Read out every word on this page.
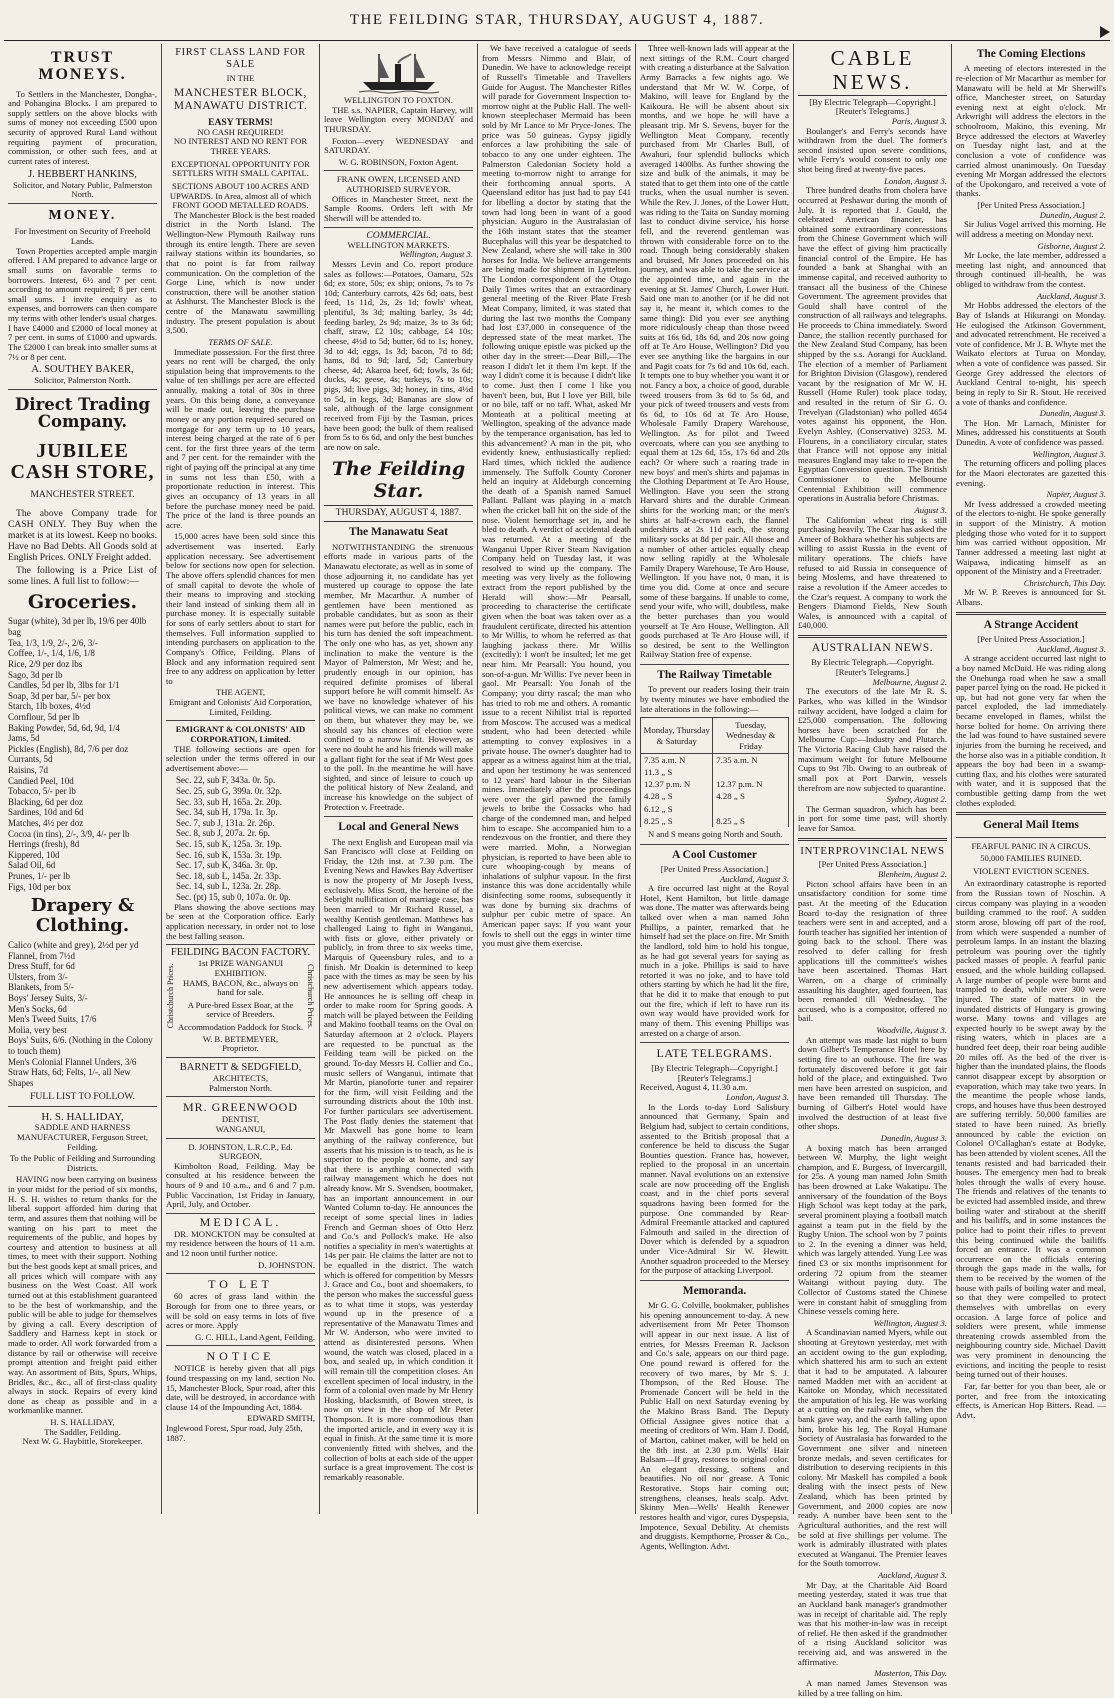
THE FEILDING STAR, THURSDAY, AUGUST 4, 1887.
TRUST MONEYS.

To Settlers in the Manchester, Dongha-, and Pohangina Blocks. I am prepared to supply settlers on the above blocks with sums of money not exceeding £500 upon security of approved Rural Land without requiring payment of procuration, commission, or other such fees, and at current rates of interest.

J. HEBBERT HANKINS,
Solicitor, and Notary Public, Palmerston North.
MONEY.
For Investment on Security of Freehold Lands.

Town Properties accepted ample margin offered. I AM prepared to advance large or small sums on favorable terms to borrowers. Interest, 6½ and 7 per cent. according to amount required; 8 per cent. small sums. I invite enquiry as to expenses, and borrowers can then compare my terms with other lender's usual charges. I have £4000 and £2000 of local money at 7 per cent. in sums of £1000 and upwards. The £2000 I can break into smaller sums at 7½ or 8 per cent.

A. SOUTHEY BAKER,
Solicitor, Palmerston North.
Direct Trading Company.
JUBILEE CASH STORE,
MANCHESTER STREET.

The above Company trade for CASH ONLY. They Buy when the market is at its lowest. Keep no books. Have no Bad Debts. All Goods sold at English Prices. ONLY Freight added.

The following is a Price List of some lines. A full list to follow:—

Groceries.
Sugar (white), 3d per lb, 19/6 per 40lb bag
Tea, 1/3, 1/9, 2/-, 2/6, 3/-
Coffee, 1/-, 1/4, 1/6, 1/8
Rice, 2/9 per doz lbs
Sago, 3d per lb
Candles, 5d per lb, 3lbs for 1/1
Soap, 3d per bar, 5/- per box
Starch, 1lb boxes, 4½d
Cornflour, 5d per lb
Baking Powder, 5d, 6d, 9d, 1/4
Jams, 5d
Pickles (English), 8d, 7/6 per doz
Currants, 5d
Raisins, 7d
Candied Peel, 10d
Tobacco, 5/- per lb
Blacking, 6d per doz
Sardines, 10d and 6d
Matches, 4½ per doz
Cocoa (in tins), 2/-, 3/9, 4/- per lb
Herrings (fresh), 8d
Kippered, 10d
Salad Oil, 6d
Prunes, 1/- per lb
Figs, 10d per box
Drapery & Clothing.
Calico (white and grey), 2½d per yd
Flannel, from 7½d
Dress Stuff, for 6d
Ulsters, from 3/-
Blankets, from 5/-
Boys' Jersey Suits, 3/-
Men's Socks, 6d
Men's Tweed Suits, 17/6
Molia, very best
Boys' Suits, 6/6. (Nothing in the Colony to touch them)
Men's Colonial Flannel Unders, 3/6
Straw Hats, 6d; Felts, 1/-, all New Shapes
FULL LIST TO FOLLOW.
H. S. HALLIDAY,
SADDLE AND HARNESS MANUFACTURER, Ferguson Street, Feilding.
To the Public of Feilding and Surrounding Districts.

HAVING now been carrying on business in your midst for the period of six months, H. S. H. wishes to return thanks for the liberal support afforded him during that term, and assures them that nothing will be wanting on his part to meet the requirements of the public, and hopes by courtesy and attention to business at all times, to meet with their support. Nothing but the best goods kept at small prices, and all prices which will compare with any business on the West Coast. All work turned out at this establishment guaranteed to be the best of workmanship, and the public will be able to judge for themselves by giving a call. Every description of Saddlery and Harness kept in stock or made to order. All work forwarded from a distance by rail or otherwise will receive prompt attention and freight paid either way. An assortment of Bits, Spurs, Whips, Bridles, &c., &c., all of first-class quality always in stock. Repairs of every kind done as cheap as possible and in a workmanlike manner.

H. S. HALLIDAY,
The Saddler, Feilding.
Next W. G. Haybittle, Storekeeper.
FIRST CLASS LAND FOR SALE
IN THE
MANCHESTER BLOCK, MANAWATU DISTRICT.
EASY TERMS!
NO CASH REQUIRED!
NO INTEREST AND NO RENT FOR THREE YEARS.
EXCEPTIONAL OPPORTUNITY FOR SETTLERS WITH SMALL CAPITAL.
SECTIONS ABOUT 100 ACRES AND UPWARDS. In Area, almost all of which FRONT GOOD METALLED ROADS.

The Manchester Block is the best roaded district in the North Island. The Wellington-New Plymouth Railway runs through its entire length. There are seven railway stations within its boundaries, so that no point is far from railway communication. On the completion of the Gorge Line, which is now under construction, there will be another station at Ashhurst. The Manchester Block is the centre of the Manawatu sawmilling industry. The present population is about 3,500.

TERMS OF SALE.

Immediate possession. For the first three years no rent will be charged, the only stipulation being that improvements to the value of ten shillings per acre are effected annually, making a total of 30s in three years. On this being done, a conveyance will be made out, leaving the purchase money or any portion required secured on mortgage for any term up to 10 years, interest being charged at the rate of 6 per cent. for the first three years of the term and 7 per cent. for the remainder with the right of paying off the principal at any time in sums not less than £50, with a proportionate reduction in interest. This gives an occupancy of 13 years in all before the purchase money need be paid. The price of the land is three pounds an acre.

15,000 acres have been sold since this advertisement was inserted. Early application necessary. See advertisement below for sections now open for selection. The above offers splendid chances for men of small capital to devote the whole of their means to improving and stocking their land instead of sinking them all in purchase money. It is especially suitable for sons of early settlers about to start for themselves. Full information supplied to intending purchasers on application to the Company's Office, Feilding. Plans of Block and any information required sent free to any address on application by letter to

THE AGENT,
Emigrant and Colonists' Aid Corporation, Limited, Feilding.
EMIGRANT & COLONISTS' AID CORPORATION, Limited.

THE following sections are open for selection under the terms offered in our advertisement above:—

Sec. 22, sub F, 343a. 0r. 5p.
Sec. 25, sub G, 399a. 0r. 32p.
Sec. 33, sub H, 165a. 2r. 20p.
Sec. 34, sub H, 179a. 1r. 3p.
Sec. 7, sub J, 131a. 2r. 26p.
Sec. 8, sub J, 207a. 2r. 6p.
Sec. 15, sub K, 125a. 3r. 19p.
Sec. 16, sub K, 153a. 3r. 19p.
Sec. 17, sub K, 346a. 3r. 0p.
Sec. 18, sub L, 145a. 2r. 33p.
Sec. 14, sub L, 123a. 2r. 28p.
Sec. (pt) 15, sub 0, 107a. 0r. 0p.

Plans showing the above sections may be seen at the Corporation office. Early application necessary, in order not to lose the best falling season.

FEILDING BACON FACTORY.
Christchurch Prices.
1st PRIZE WANGANUI EXHIBITION.
HAMS, BACON, &c., always on hand for sale.
A Pure-bred Essex Boar, at the service of Breeders.
Accommodation Paddock for Stock. Christchurch Prices.
W. B. BETEMEYER,
Proprietor.
BARNETT & SEDGFIELD,
ARCHITECTS,
Palmerston North.
MR. GREENWOOD
DENTIST,
WANGANUI,
D. JOHNSTON, L.R.C.P., Ed. SURGEON,

Kimbolton Road, Feilding. May be consulted at his residence between the hours of 9 and 10 a.m., and 6 and 7 p.m. Public Vaccination, 1st Friday in January, April, July, and October.

MEDICAL.

DR. MONCKTON may be consulted at my residence between the hours of 11 a.m. and 12 noon until further notice.

D. JOHNSTON.
TO LET

60 acres of grass land within the Borough for from one to three years, or will be sold on easy terms in lots of five acres or more. Apply

G. C. HILL, Land Agent, Feilding.
NOTICE

NOTICE is hereby given that all pigs found trespassing on my land, section No. 15, Manchester Block, Spur road, after this date, will be destroyed, in accordance with clause 14 of the Impounding Act, 1884.

EDWARD SMITH,
Inglewood Forest, Spur road, July 25th, 1887.
WELLINGTON TO FOXTON.

THE s.s. NAPIER, Captain Harvey, will leave Wellington every MONDAY and THURSDAY.

Foxton—every WEDNESDAY and SATURDAY.

W. G. ROBINSON, Foxton Agent.
FRANK OWEN, LICENSED AND AUTHORISED SURVEYOR.

Offices in Manchester Street, next the Sample Rooms. Orders left with Mr Sherwill will be attended to.

COMMERCIAL.
WELLINGTON MARKETS.
Wellington, August 3.

Messrs Levin and Co. report produce sales as follows:—Potatoes, Oamaru, 52s 6d; ex store, 50s; ex ship; onions, 7s to 7s 10d; Canterbury carrots, 42s 6d; oats, best feed, 1s 11d, 2s, 2s 1d; fowls' wheat, plentiful, 3s 3d; malting barley, 3s 4d; feeding barley, 2s 9d; maize, 3s to 3s 6d; chaff, straw, £2 10s; cabbage, £4 10s; cheese, 4½d to 5d; butter, 6d to 1s; honey, 3d to 4d; eggs, 1s 3d; bacon, 7d to 8d; hams, 8d to 9d; lard, 5d; Canterbury cheese, 4d; Akaroa beef, 6d; fowls, 3s 6d; ducks, 4s; geese, 4s; turkeys, 7s to 10s; pigs, 3d; live pigs, 3d; honey, in tins, 4½d to 5d, in kegs, 3d; Bananas are slow of sale, although of the large consignment received from Fiji by the Tasman, prices have been good; the bulk of them realised from 5s to 6s 6d, and only the best bunches are now on sale.

The Feilding Star.
THURSDAY, AUGUST 4, 1887.
The Manawatu Seat

NOTWITHSTANDING the strenuous efforts made in various parts of the Manawatu electorate, as well as in some of those adjourning it, no candidate has yet mustered up courage to oppose the late member, Mr Macarthur. A number of gentlemen have been mentioned as probable candidates, but as soon as their names were put before the public, each in his turn has denied the soft impeachment. The only one who has, as yet, shown any inclination to make the venture is the Mayor of Palmerston, Mr West; and he, prudently enough in our opinion, has required definite promises of liberal support before he will commit himself. As we have no knowledge whatever of his political views, we can make no comment on them, but whatever they may be, we should say his chances of election were confined to a narrow limit. However, as were no doubt he and his friends will make a gallant fight for the seat if Mr West goes to the poll. In the meantime he will have sighted, and since of leisure to couch up the political history of New Zealand, and increase his knowledge on the subject of Protection v. Freetrade.

Local and General News

The next English and European mail via San Francisco will close at Feilding on Friday, the 12th inst. at 7.30 p.m. The Evening News and Hawkes Bay Advertiser is now the property of Mr Joseph Ivess, exclusively. Miss Scott, the heroine of the Sebright nullification of marriage case, has been married to Mr Richard Russel, a wealthy Kentish gentleman. Matthews has challenged Laing to fight in Wanganui, with fists or glove, either privately or publicly, in from three to six weeks time, Marquis of Queensbury rules, and to a finish. Mr Doakin is determined to keep pace with the times as may be seen by his new advertisement which appears today. He announces he is selling off cheap in order to make room for Spring goods. A match will be played between the Feilding and Makino football teams on the Oval on Saturday afternoon at 2 o'clock. Players are requested to be punctual as the Feilding team will be picked on the ground. To-day Messrs H. Collier and Co., music sellers of Wanganui, intimate that Mr Martin, pianoforte tuner and repairer for the firm, will visit Feilding and the surrounding districts about the 10th inst. For further particulars see advertisement. The Post flatly denies the statement that Mr Maxwell has gone home to learn anything of the railway conference, but asserts that his mission is to teach, as he is superior to the people at home, and say that there is anything connected with railway management which he does not already know. Mr S. Svendsen, bootmaker, has an important announcement in our Wanted Column to-day. He announces the receipt of some special lines in ladies French and German shoes of Otto Herz and Co.'s and Pollock's make. He also notifies a speciality in men's watertights at 14s per pair. He claims the latter are not to be equalled in the district. The watch which is offered for competition by Messrs J. Grace and Co., boot and shoemakers, to the person who makes the successful guess as to what time it stops, was yesterday wound up in the presence of a representative of the Manawatu Times and Mr W. Anderson, who were invited to attend as disinterested persons. When wound, the watch was closed, placed in a box, and sealed up, in which condition it will remain till the competition closes. An excellent specimen of local industry, in the form of a colonial oven made by Mr Henry Hosking, blacksmith, of Bowen street, is now on view in the shop of Mr Peter Thompson. It is more commodious than the imported article, and in every way it is equal in finish. At the same time it is more conveniently fitted with shelves, and the collection of bolts at each side of the upper surface is a great improvement. The cost is remarkably reasonable.

We have received a catalogue of seeds from Messrs Nimmo and Blair, of Dunedin. We have to acknowledge receipt of Russell's Timetable and Travellers Guide for August. The Manchester Rifles will parade for Government Inspection to-morrow night at the Public Hall. The well-known steeplechaser Mermaid has been sold by Mr Lance to Mr Pryce-Jones. The price was 50 guineas. Gypsy jigidly enforces a law prohibiting the sale of tobacco to any one under eighteen. The Palmerston Caledonian Society hold a meeting to-morrow night to arrange for their forthcoming annual sports. A Queensland editor has just had to pay £41 for libelling a doctor by stating that the town had long been in want of a good physician. Auguro in the Australasian of the 16th instant states that the steamer Bucephalus will this year be despatched to New Zealand, where she will take in 300 horses for India. We believe arrangements are being made for shipment in Lyttelton. The London correspondent of the Otago Daily Times writes that an extraordinary general meeting of the River Plate Fresh Meat Company, limited, it was stated that during the last two months the Company had lost £37,000 in consequence of the depressed state of the meat market. The following unique epistle was picked up the other day in the street:—Dear Bill,—The reason I didn't let it them I'm kept. If the way I didn't come it is because I didn't like to come. Just then I come I like you haven't been, but, But I love yer Bill, bile or no bile, taff or no taff. What, asked Mr Monteath at a political meeting at Wellington, speaking of the advance made by the temperance organisation, has led to this advancement? A man in the pit, who evidently knew, enthusiastically replied: Hard times, which tickled the audience immensely. The Suffolk County Coroner held an inquiry at Aldeburgh concerning the death of a Spanish named Samuel Pallant. Pallant was playing in a match when the cricket ball hit on the side of the nose. Violent hemorrhage set in, and he bled to death. A verdict of accidental death was returned. At a meeting of the Wanganui Upper River Steam Navigation Company held on Tuesday last, it was resolved to wind up the company. The meeting was very lively as the following extract from the report published by the Herald will show:—Mr Pearsall, proceeding to characterise the certificate given when the boat was taken over as a fraudulent certificate, directed his attention to Mr Willis, to whom he referred as that laughing jackass there. Mr Willis (excitedly): I won't be insulted; let me get near him. Mr Pearsall: You hound, you son-of-a-gun. Mr Willis: I've never been in gaol. Mr Pearsall: You Jonah of the Company; you dirty rascal; the man who has tried to rob me and others. A romantic issue to a recent Nihilist trial is reported from Moscow. The accused was a medical student, who had been detected while attempting to convey explosives in a private house. The owner's daughter had to appear as a witness against him at the trial, and upon her testimony he was sentenced to 12 years' hard labour in the Siberian mines. Immediately after the proceedings were over the girl pawned the family jewels to bribe the Cossacks who had charge of the condemned man, and helped him to escape. She accompanied him to a rendezvous on the frontier, and there they were married. Mohn, a Norwegian physician, is reported to have been able to cure whooping-cough by means of inhalations of sulphur vapour. In the first instance this was done accidentally while disinfecting some rooms, subsequently it was done by burning six drachms of sulphur per cubic metre of space. An American paper says: If you want your fowls to shell out the eggs in winter time you must give them exercise.

Three well-known lads will appear at the next sittings of the R.M. Court charged with creating a disturbance at the Salvation Army Barracks a few nights ago. We understand that Mr W. W. Corpe, of Makino, will leave for England by the Kaikoura. He will be absent about six months, and we hope he will have a pleasant trip. Mr S. Sevens, buyer for the Wellington Meat Company, recently purchased from Mr Charles Bull, of Awahuri, four splendid bullocks which averaged 1400lbs. As further showing the size and bulk of the animals, it may be stated that to get them into one of the cattle trucks, when the usual number is seven. While the Rev. J. Jones, of the Lower Hutt, was riding to the Taita on Sunday morning last to conduct divine service, his horse fell, and the reverend gentleman was thrown with considerable force on to the road. Though being considerably shaken and bruised, Mr Jones proceeded on his journey, and was able to take the service at the appointed time, and again in the evening at St. James' Church, Lower Hutt. Said one man to another (or if he did not say it, he meant it, which comes to the same thing): Did you ever see anything more ridiculously cheap than those tweed suits at 16s 6d, 18s 6d, and 20s now going off at Te Aro House, Wellington? Did you ever see anything like the bargains in our and Pagit coats for 7s 6d and 10s 6d, each. It tempts one to buy whether you want it or not. Fancy a box, a choice of good, durable tweed trousers from 3s 6d to 5s 6d, and your pick of tweed trousers and vests from 6s 6d, to 10s 6d at Te Aro House, Wholesale Family Drapery Warehouse, Wellington. As for pilot and Tweed overcoats, where can you see anything to equal them at 12s 6d, 15s, 17s 6d and 20s each? Or where such a roaring trade in new boys' and men's shirts and pajamas in the Clothing Department at Te Aro House, Wellington. Have you seen the strong Harvard shirts and the durable Crimean shirts for the working man; or the men's shirts at half-a-crown each, the flannel undershirts at 2s 11d each, the strong military socks at 8d per pair. All those and a number of other articles equally cheap now selling rapidly at the Wholesale Family Drapery Warehouse, Te Aro House, Wellington. If you have not, 0 man, it is time you did. Come at once and secure some of these bargains. If unable to come, send your wife, who will, doubtless, make the better purchases than you would yourself at Te Aro House, Wellington. All goods purchased at Te Aro House will, if so desired, be sent to the Wellington Railway Station free of expense.

The Railway Timetable

To prevent our readers losing their train by twenty minutes we have embodied the late alterations in the following:—

Monday, Thursday & Saturday	Tuesday, Wednesday & Friday
7.35 a.m. N	7.35 a.m. N
11.3 „ S	
12.37 p.m. N	12.37 p.m. N
4.28 „ S	4.28 „ S
6.12 „ S	
8.25 „ S	8.25 „ S

N and S means going North and South.

A Cool Customer
[Per United Press Association.]
Auckland, August 3.

A fire occurred last night at the Royal Hotel, Kent Hamilton, but little damage was done. The matter was afterwards being talked over when a man named John Phillips, a painter, remarked that he himself had set the place on fire. Mr Smith the landlord, told him to hold his tongue, as he had got several years for saying as much in a joke. Phillips is said to have retorted it was no joke, and to have told others starting by which he had lit the fire, that he did it to make that enough to put out the fire, which if left to have run its own way would have provided work for many of them. This evening Phillips was arrested on a charge of arson.

LATE TELEGRAMS.
[By Electric Telegraph—Copyright.]
[Reuter's Telegrams.]
Received, August 4, 11.30 a.m.
London, August 3.

In the Lords to-day Lord Salisbury announced that Germany, Spain and Belgium had, subject to certain conditions, assented to the British proposal that a conference be held to discuss the Sugar Bounties question. France has, however, replied to the proposal in an uncertain manner. Naval evolutions on an extensive scale are now proceeding off the English coast, and in the chief ports several squadrons having been formed for the purpose. One commanded by Rear-Admiral Freemantle attacked and captured Falmouth and sailed in the direction of Dover which is defended by a squadron under Vice-Admiral Sir W. Hewitt. Another squadron proceeded to the Mersey for the purpose of attacking Liverpool.

Memoranda.

Mr G. G. Colville, bookmaker, publishes his opening announcement to-day. A new advertisement from Mr Peter Thomson will appear in our next issue. A list of entries, for Messrs Freeman R. Jackson and Co.'s sale, appears on our third page. One pound reward is offered for the recovery of two mares, by Mr S. J. Thompson, of the Red House. The Promenade Concert will be held in the Public Hall on next Saturday evening by the Makino Brass Band. The Deputy Official Assignee gives notice that a meeting of creditors of Wm. Ham J. Dodd, of Marton, cabinet maker, will be held on the 8th inst. at 2.30 p.m. Wells' Hair Balsam—If gray, restores to original color. An elegant dressing, softens and beautifies. No oil nor grease. A Tonic Restorative. Stops hair coming out; strengthens, cleanses, heals scalp. Advt. Skinny Men—Wells' Health Renewer restores health and vigor, cures Dyspepsia, Impotence, Sexual Debility. At chemists and druggists. Kempthorne, Prosser & Co., Agents, Wellington. Advt.

CABLE NEWS.
[By Electric Telegraph—Copyright.]
[Reuter's Telegrams.]
Paris, August 3.

Boulanger's and Ferry's seconds have withdrawn from the duel. The former's second insisted upon severe conditions, while Ferry's would consent to only one shot being fired at twenty-five paces.

London, August 3.

Three hundred deaths from cholera have occurred at Peshawur during the month of July. It is reported that J. Gould, the celebrated American financier, has obtained some extraordinary concessions from the Chinese Government which will have the effect of giving him practically financial control of the Empire. He has founded a bank at Shanghai with an immense capital, and received authority to transact all the business of the Chinese Government. The agreement provides that Gould shall have control of the construction of all railways and telegraphs. He proceeds to China immediately. Sword Dance, the stallion recently purchased for the New Zealand Stud Company, has been shipped by the s.s. Aorangi for Auckland. The election of a member of Parliament for Brighton Division (Glasgow), rendered vacant by the resignation of Mr W. H. Russell (Home Ruler) took place today, and resulted in the return of Sir G. O. Trevelyan (Gladstonian) who polled 4654 votes against his opponent, the Hon. Evelyn Ashley, (Conservative) 3253. M. Flourens, in a conciliatory circular, states that France will not oppose any initial measures England may take to re-open the Egyptian Conversion question. The British Commissioner to the Melbourne Centennial Exhibition will commence operations in Australia before Christmas.

August 3.

The Californian wheat ring is still purchasing heavily. The Czar has asked the Ameer of Bokhara whether his subjects are willing to assist Russia in the event of military operations. The chiefs have refused to aid Russia in consequence of being Moslems, and have threatened to raise a revolution if the Ameer accedes to the Czar's request. A company to work the Bengers Diamond Fields, New South Wales, is announced with a capital of £40,000.

AUSTRALIAN NEWS.
By Electric Telegraph.—Copyright.
[Reuter's Telegrams.]
Melbourne, August 2.

The executors of the late Mr R. S. Parkes, who was killed in the Windsor railway accident, have lodged a claim for £25,000 compensation. The following horses have been scratched for the Melbourne Cup:—Industry and Plutarch. The Victoria Racing Club have raised the maximum weight for future Melbourne Cups to 9st 7lb. Owing to an outbreak of small pox at Port Darwin, vessels therefrom are now subjected to quarantine.

Sydney, August 2.

The German squadron, which has been in port for some time past, will shortly leave for Samoa.

INTERPROVINCIAL NEWS
[Per United Press Association.]
Blenheim, August 2.

Picton school affairs have been in an unsatisfactory condition for some time past. At the meeting of the Education Board to-day the resignation of three teachers were sent in and accepted, and a fourth teacher has signified her intention of going back to the school. There was resolved to defer calling for fresh applications till the committee's wishes have been ascertained. Thomas Hart Warren, on a charge of criminally assaulting his daughter, aged fourteen, has been remanded till Wednesday. The accused, who is a compositor, offered no bail.

Woodville, August 3.

An attempt was made last night to burn down Gilbert's Temperance Hotel here by setting fire to an outhouse. The fire was fortunately discovered before it got fair hold of the place, and extinguished. Two men have been arrested on suspicion, and have been remanded till Thursday. The burning of Gilbert's Hotel would have involved the destruction of at least five other shops.

Dunedin, August 3.

A boxing match has been arranged between W. Murphy, the light weight champion, and E. Burgess, of Invercargill, for 25s. A young man named John Smith has been drowned at Lake Wakatipu. The anniversary of the foundation of the Boys High School was kept today at the park, several prominent playing a football match against a team put in the field by the Rugby Union. The school won by 7 points to 2. In the evening a dinner was held, which was largely attended. Yung Lee was fined £3 or six months imprisonment for ordering 72 opium from the steamer Waitangi without paying duty. The Collector of Customs stated the Chinese were in constant habit of smuggling from Chinese vessels coming here.

Wellington, August 3.

A Scandinavian named Myers, while out shooting at Greytown yesterday, met with an accident owing to the gun exploding, which shattered his arm to such an extent that it had to be amputated. A labourer named Madden met with an accident at Kaitoke on Monday, which necessitated the amputation of his leg. He was working at a cutting on the railway line, when the bank gave way, and the earth falling upon him, broke his leg. The Royal Humane Society of Australasia has forwarded to the Government one silver and nineteen bronze medals, and seven certificates for distribution to deserving recipients in this colony. Mr Maskell has compiled a book dealing with the insect pests of New Zealand, which has been printed by Government, and 2000 copies are now ready. A number have been sent to the Agricultural authorities, and the rest will be sold at five shillings per volume. The work is admirably illustrated with plates executed at Wanganui. The Premier leaves for the South tomorrow.

Auckland, August 3.

Mr Day, at the Charitable Aid Board meeting yesterday, stated it was true that an Auckland bank manager's grandmother was in receipt of charitable aid. The reply was that his mother-in-law was in receipt of relief. He then asked if the grandmother of a rising Auckland solicitor was receiving aid, and was answered in the affirmative.

Masterton, This Day.

A man named James Stevenson was killed by a tree falling on him.

The Coming Elections

A meeting of electors interested in the re-election of Mr Macarthur as member for Manawatu will be held at Mr Sherwill's office, Manchester street, on Saturday evening next at eight o'clock. Mr Arkwright will address the electors in the schoolroom, Makino, this evening. Mr Bryce addressed the electors at Waverley on Tuesday night last, and at the conclusion a vote of confidence was carried almost unanimously. On Tuesday evening Mr Morgan addressed the electors of the Upokongaro, and received a vote of thanks.

[Per United Press Association.]
Dunedin, August 2.

Sir Julius Vogel arrived this morning. He will address a meeting on Monday next.

Gisborne, August 2.

Mr Locke, the late member, addressed a meeting last night, and announced that through continued ill-health, he was obliged to withdraw from the contest.

Auckland, August 3.

Mr Hobbs addressed the electors of the Bay of Islands at Hikurangi on Monday. He eulogised the Atkinson Government, and advocated retrenchment. He received a vote of confidence. Mr J. B. Whyte met the Waikato electors at Turua on Monday, when a vote of confidence was passed. Sir George Grey addressed the electors of Auckland Central to-night, his speech being in reply to Sir R. Stout. He received a vote of thanks and confidence.

Dunedin, August 3.

The Hon. Mr Larnach, Minister for Mines, addressed his constituents at South Dunedin. A vote of confidence was passed.

Wellington, August 3.

The returning officers and polling places for the Maori electorates are gazetted this evening.

Napier, August 3.

Mr Ivess addressed a crowded meeting of the electors to-night. He spoke generally in support of the Ministry. A motion pledging those who voted for it to support him was carried without opposition. Mr Tanner addressed a meeting last night at Waipawa, indicating himself as an opponent of the Ministry and a Freetrader.

Christchurch, This Day.

Mr W. P. Reeves is announced for St. Albans.

A Strange Accident
[Per United Press Association.]
Auckland, August 3.

A strange accident occurred last night to a boy named McDuid. He was riding along the Onehunga road when he saw a small paper parcel lying on the road. He picked it up, but had not gone very far when the parcel exploded, the lad immediately became enveloped in flames, whilst the horse bolted for home. On arriving there the lad was found to have sustained severe injuries from the burning he received, and the horse also was in a pitiable condition. It appears the boy had been in a swamp-cutting flax, and his clothes were saturated with water, and it is supposed that the combustible getting damp from the wet clothes exploded.

General Mail Items
FEARFUL PANIC IN A CIRCUS.
50,000 FAMILIES RUINED.
VIOLENT EVICTION SCENES.

An extraordinary catastrophe is reported from the Russian town of Noschin. A circus company was playing in a wooden building crammed to the roof. A sudden storm arose, blowing off part of the roof, from which were suspended a number of petroleum lamps. In an instant the blazing petroleum was pouring over the tightly packed masses of people. A fearful panic ensued, and the whole building collapsed. A large number of people were burnt and trampled to death, while over 300 were injured. The state of matters in the inundated districts of Hungary is growing worse. Many towns and villages are expected hourly to be swept away by the rising waters, which in places are a hundred feet deep, their roar being audible 20 miles off. As the bed of the river is higher than the inundated plains, the floods cannot disappear except by absorption or evaporation, which may take two years. In the meantime the people whose lands, crops, and houses have thus been destroyed are suffering terribly. 50,000 families are stated to have been ruined. As briefly announced by cable the eviction on Colonel O'Callaghan's estate at Bodyke, has been attended by violent scenes. All the tenants resisted and had barricaded their houses. The emergency men had to break holes through the walls of every house. The friends and relatives of the tenants to be evicted had assembled inside, and threw boiling water and stirabout at the sheriff and his bailiffs, and in some instances the police had to point their rifles to prevent this being continued while the bailiffs forced an entrance. It was a common occurrence on the officials entering through the gaps made in the walls, for them to be received by the women of the house with pails of boiling water and meal, so that they were compelled to protect themselves with umbrellas on every occasion. A large force of police and soldiers were present, while immense threatening crowds assembled from the neighbouring country side. Michael Davitt was very prominent in denouncing the evictions, and inciting the people to resist being turned out of their houses.

Far, far better for you than beer, ale or porter, and free from the intoxicating effects, is American Hop Bitters. Read. —Advt.
